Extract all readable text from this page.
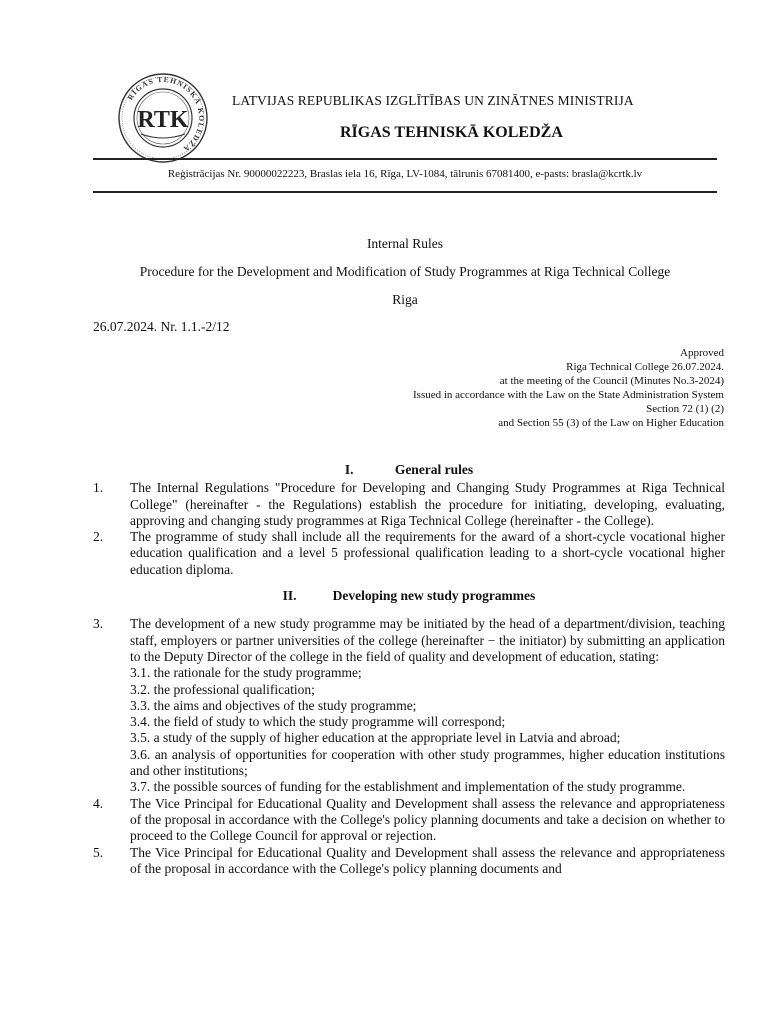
RĪGAS TEHNISKĀ KOLEDŽA
RTK
LATVIJAS REPUBLIKAS IZGLĪTĪBAS UN ZINĀTNES MINISTRIJA
RĪGAS TEHNISKĀ KOLEDŽA
Reģistrācijas Nr. 90000022223, Braslas iela 16, Rīga, LV-1084, tālrunis 67081400, e-pasts: brasla@kcrtk.lv
Internal Rules
Procedure for the Development and Modification of Study Programmes at Riga Technical College
Riga
26.07.2024. Nr. 1.1.-2/12
Approved
Riga Technical College 26.07.2024.
at the meeting of the Council (Minutes No.3-2024)
Issued in accordance with the Law on the State Administration System
Section 72 (1) (2)
and Section 55 (3) of the Law on Higher Education
I.	General rules
1.	The Internal Regulations "Procedure for Developing and Changing Study Programmes at Riga Technical College" (hereinafter - the Regulations) establish the procedure for initiating, developing, evaluating, approving and changing study programmes at Riga Technical College (hereinafter - the College).
2.	The programme of study shall include all the requirements for the award of a short-cycle vocational higher education qualification and a level 5 professional qualification leading to a short-cycle vocational higher education diploma.
II.	Developing new study programmes
3.	The development of a new study programme may be initiated by the head of a department/division, teaching staff, employers or partner universities of the college (hereinafter − the initiator) by submitting an application to the Deputy Director of the college in the field of quality and development of education, stating:
3.1. the rationale for the study programme;
3.2. the professional qualification;
3.3. the aims and objectives of the study programme;
3.4. the field of study to which the study programme will correspond;
3.5. a study of the supply of higher education at the appropriate level in Latvia and abroad;
3.6. an analysis of opportunities for cooperation with other study programmes, higher education institutions and other institutions;
3.7. the possible sources of funding for the establishment and implementation of the study programme.
4.	The Vice Principal for Educational Quality and Development shall assess the relevance and appropriateness of the proposal in accordance with the College's policy planning documents and take a decision on whether to proceed to the College Council for approval or rejection.
5.	The Vice Principal for Educational Quality and Development shall assess the relevance and appropriateness of the proposal in accordance with the College's policy planning documents and
